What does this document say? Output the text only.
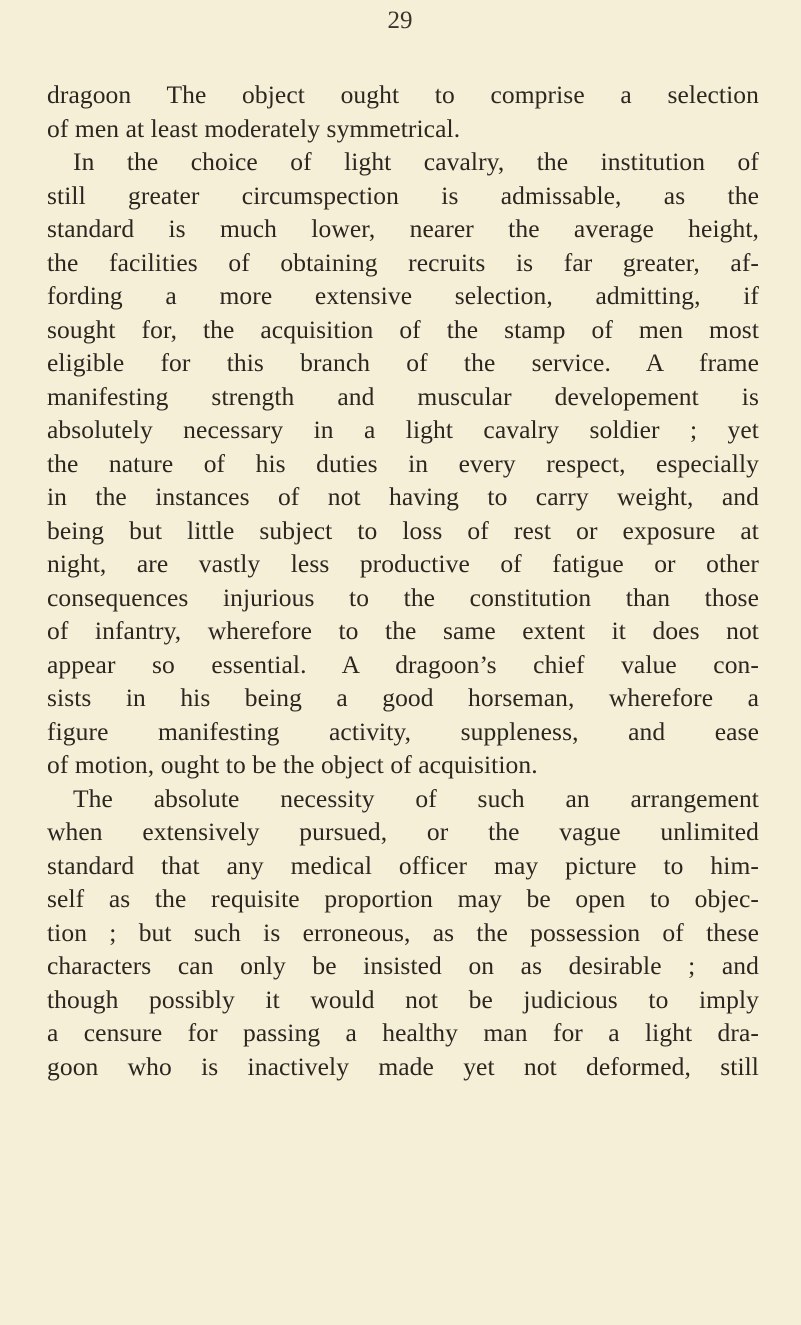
29
dragoon The object ought to comprise a selection
of men at least moderately symmetrical.
In the choice of light cavalry, the institution of
still greater circumspection is admissable, as the
standard is much lower, nearer the average height,
the facilities of obtaining recruits is far greater, af-
fording a more extensive selection, admitting, if
sought for, the acquisition of the stamp of men most
eligible for this branch of the service. A frame
manifesting strength and muscular developement is
absolutely necessary in a light cavalry soldier ; yet
the nature of his duties in every respect, especially
in the instances of not having to carry weight, and
being but little subject to loss of rest or exposure at
night, are vastly less productive of fatigue or other
consequences injurious to the constitution than those
of infantry, wherefore to the same extent it does not
appear so essential. A dragoon’s chief value con-
sists in his being a good horseman, wherefore a
figure manifesting activity, suppleness, and ease
of motion, ought to be the object of acquisition.
The absolute necessity of such an arrangement
when extensively pursued, or the vague unlimited
standard that any medical officer may picture to him-
self as the requisite proportion may be open to objec-
tion ; but such is erroneous, as the possession of these
characters can only be insisted on as desirable ; and
though possibly it would not be judicious to imply
a censure for passing a healthy man for a light dra-
goon who is inactively made yet not deformed, still
